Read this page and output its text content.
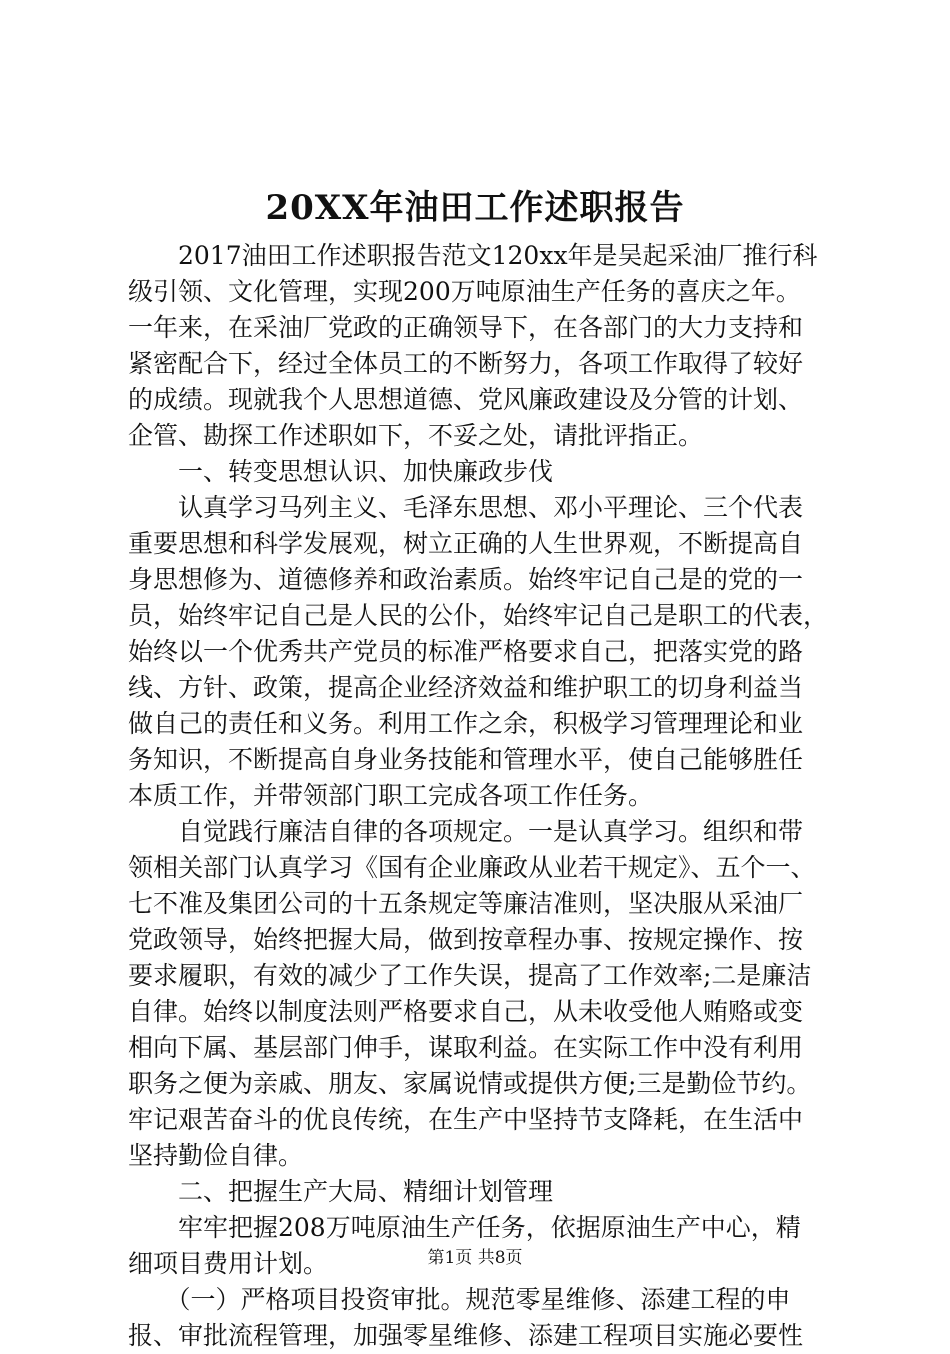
20XX年油田工作述职报告

　　2017油田工作述职报告范文120xx年是吴起采油厂推行科

级引领、文化管理，实现200万吨原油生产任务的喜庆之年。

一年来，在采油厂党政的正确领导下，在各部门的大力支持和

紧密配合下，经过全体员工的不断努力，各项工作取得了较好

的成绩。现就我个人思想道德、党风廉政建设及分管的计划、

企管、勘探工作述职如下，不妥之处，请批评指正。

　　一、转变思想认识、加快廉政步伐

　　认真学习马列主义、毛泽东思想、邓小平理论、三个代表

重要思想和科学发展观，树立正确的人生世界观，不断提高自

身思想修为、道德修养和政治素质。始终牢记自己是的党的一

员，始终牢记自己是人民的公仆，始终牢记自己是职工的代表，

始终以一个优秀共产党员的标准严格要求自己，把落实党的路

线、方针、政策，提高企业经济效益和维护职工的切身利益当

做自己的责任和义务。利用工作之余，积极学习管理理论和业

务知识，不断提高自身业务技能和管理水平，使自己能够胜任

本质工作，并带领部门职工完成各项工作任务。

　　自觉践行廉洁自律的各项规定。一是认真学习。组织和带

领相关部门认真学习《国有企业廉政从业若干规定》、五个一、

七不准及集团公司的十五条规定等廉洁准则，坚决服从采油厂

党政领导，始终把握大局，做到按章程办事、按规定操作、按

要求履职，有效的减少了工作失误，提高了工作效率;二是廉洁

自律。始终以制度法则严格要求自己，从未收受他人贿赂或变

相向下属、基层部门伸手，谋取利益。在实际工作中没有利用

职务之便为亲戚、朋友、家属说情或提供方便;三是勤俭节约。

牢记艰苦奋斗的优良传统，在生产中坚持节支降耗，在生活中

坚持勤俭自律。

　　二、把握生产大局、精细计划管理

　　牢牢把握208万吨原油生产任务，依据原油生产中心，精

细项目费用计划。

　　（一）严格项目投资审批。规范零星维修、添建工程的申

报、审批流程管理，加强零星维修、添建工程项目实施必要性

第1页 共8页
